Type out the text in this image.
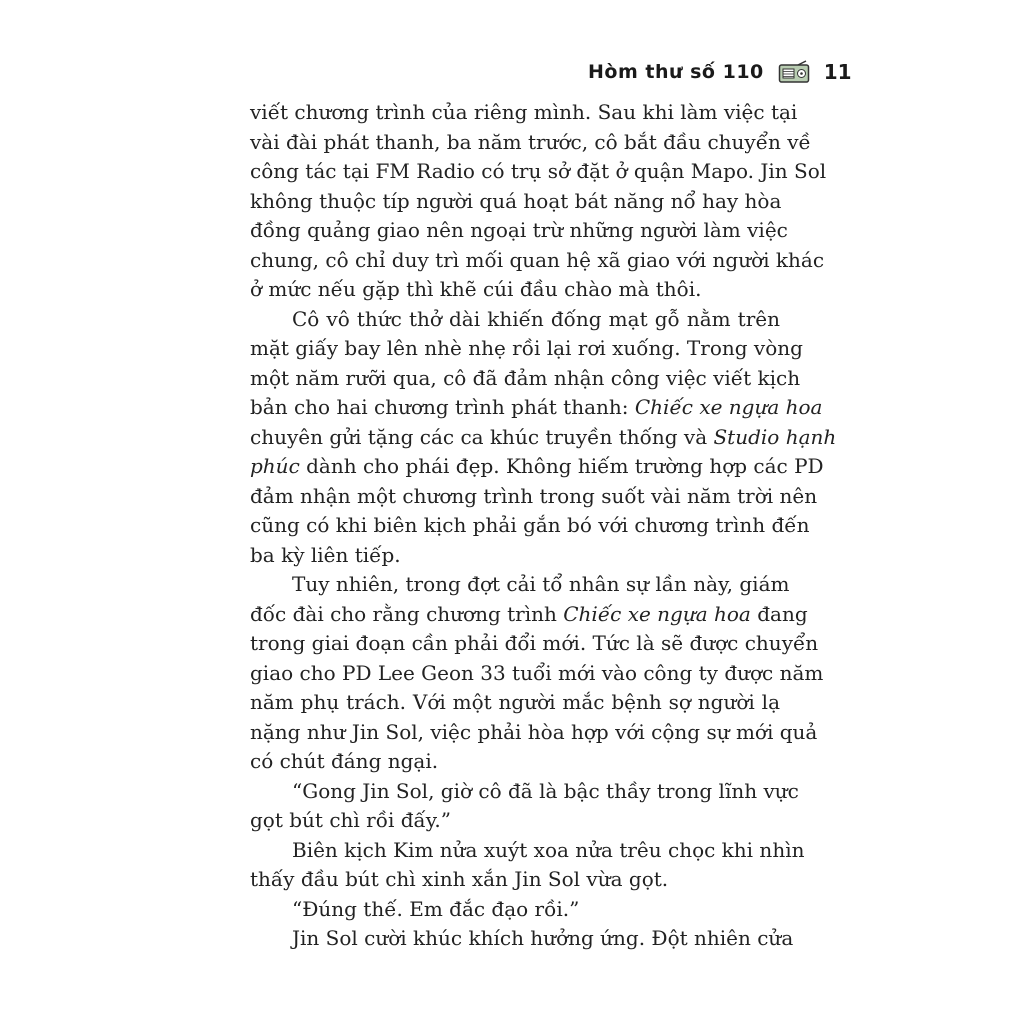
Hòm thư số 110	11
viết chương trình của riêng mình. Sau khi làm việc tại
vài đài phát thanh, ba năm trước, cô bắt đầu chuyển về
công tác tại FM Radio có trụ sở đặt ở quận Mapo. Jin Sol
không thuộc típ người quá hoạt bát năng nổ hay hòa
đồng quảng giao nên ngoại trừ những người làm việc
chung, cô chỉ duy trì mối quan hệ xã giao với người khác
ở mức nếu gặp thì khẽ cúi đầu chào mà thôi.
Cô vô thức thở dài khiến đống mạt gỗ nằm trên
mặt giấy bay lên nhè nhẹ rồi lại rơi xuống. Trong vòng
một năm rưỡi qua, cô đã đảm nhận công việc viết kịch
bản cho hai chương trình phát thanh: Chiếc xe ngựa hoa
chuyên gửi tặng các ca khúc truyền thống và Studio hạnh
phúc dành cho phái đẹp. Không hiếm trường hợp các PD
đảm nhận một chương trình trong suốt vài năm trời nên
cũng có khi biên kịch phải gắn bó với chương trình đến
ba kỳ liên tiếp.
Tuy nhiên, trong đợt cải tổ nhân sự lần này, giám
đốc đài cho rằng chương trình Chiếc xe ngựa hoa đang
trong giai đoạn cần phải đổi mới. Tức là sẽ được chuyển
giao cho PD Lee Geon 33 tuổi mới vào công ty được năm
năm phụ trách. Với một người mắc bệnh sợ người lạ
nặng như Jin Sol, việc phải hòa hợp với cộng sự mới quả
có chút đáng ngại.
“Gong Jin Sol, giờ cô đã là bậc thầy trong lĩnh vực
gọt bút chì rồi đấy.”
Biên kịch Kim nửa xuýt xoa nửa trêu chọc khi nhìn
thấy đầu bút chì xinh xắn Jin Sol vừa gọt.
“Đúng thế. Em đắc đạo rồi.”
Jin Sol cười khúc khích hưởng ứng. Đột nhiên cửa
